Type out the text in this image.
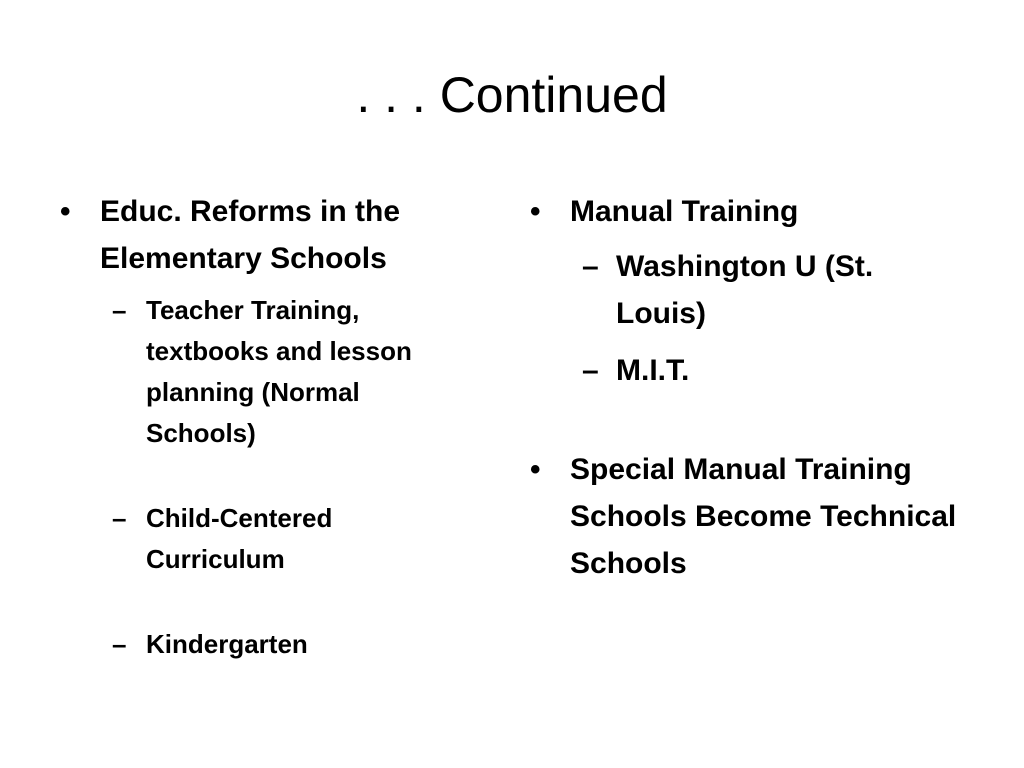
. . . Continued
• Educ. Reforms in the Elementary Schools
– Teacher Training, textbooks and lesson planning (Normal Schools)
– Child-Centered Curriculum
– Kindergarten
• Manual Training
– Washington U (St. Louis)
– M.I.T.
• Special Manual Training Schools Become Technical Schools
